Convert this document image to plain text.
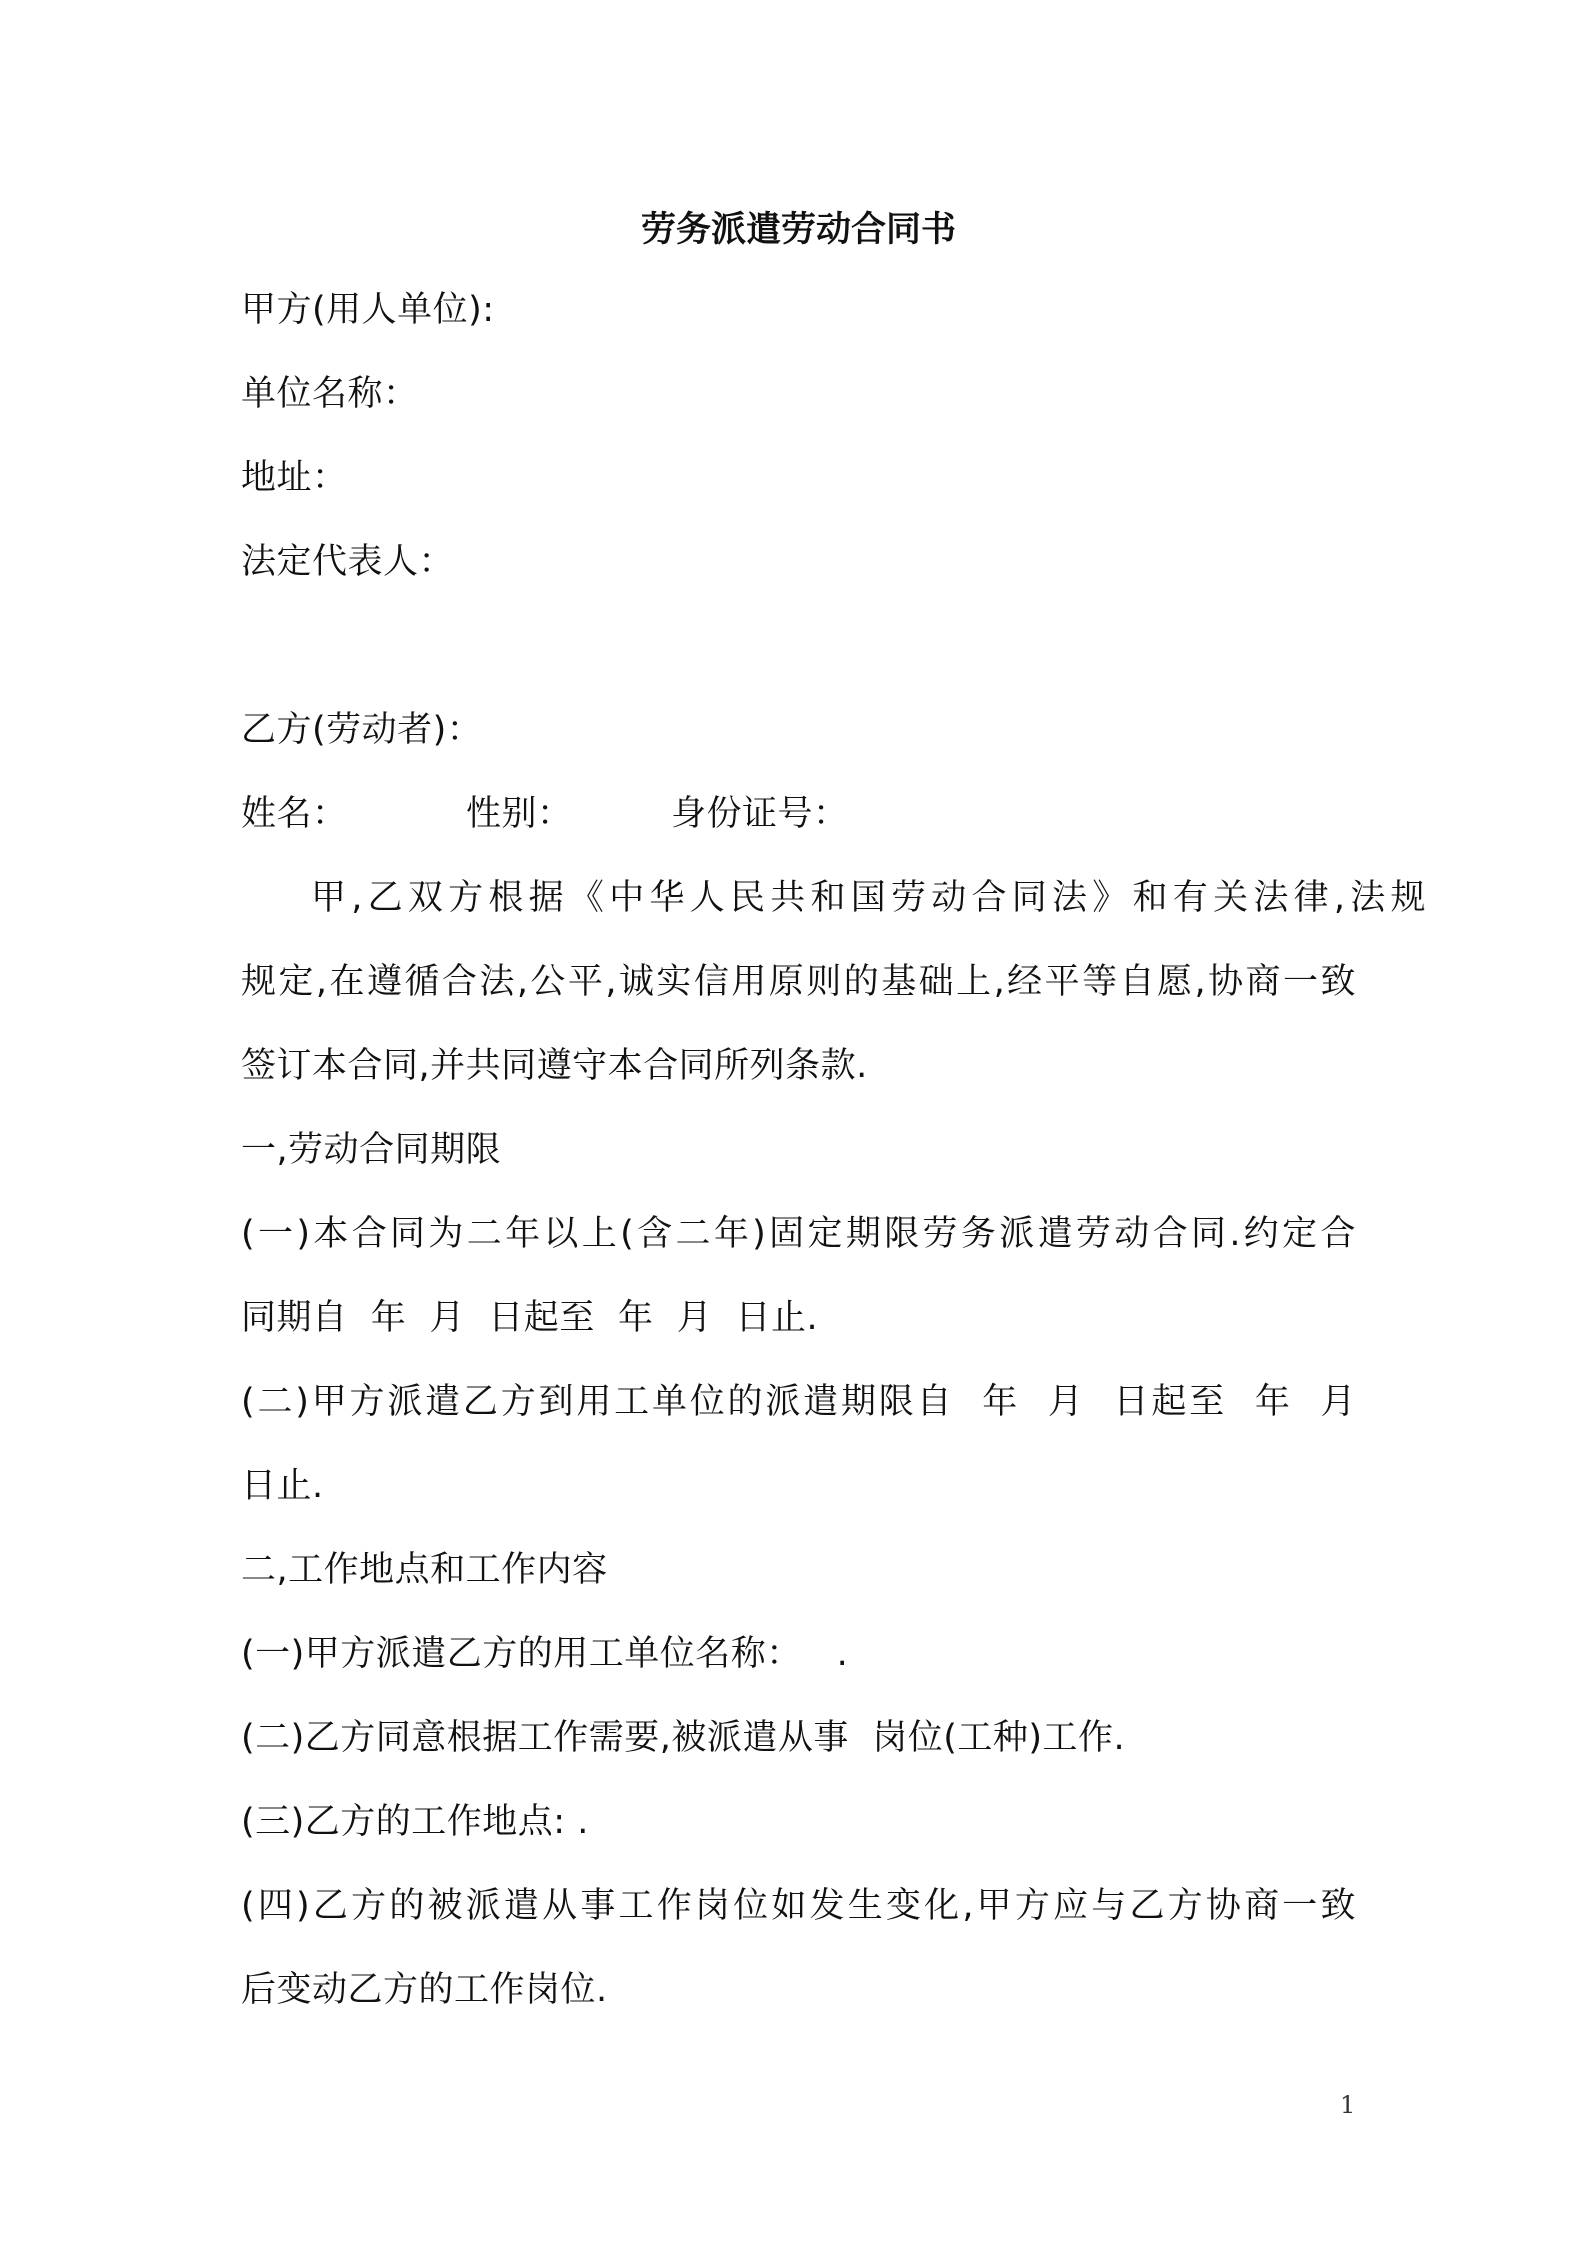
劳务派遣劳动合同书
甲方(用人单位):
单位名称：
地址：
法定代表人：
乙方(劳动者)：
姓名：	性别：	身份证号：
甲,乙双方根据《中华人民共和国劳动合同法》和有关法律,法规
规定,在遵循合法,公平,诚实信用原则的基础上,经平等自愿,协商一致
签订本合同,并共同遵守本合同所列条款.
一,劳动合同期限
(一)本合同为二年以上(含二年)固定期限劳务派遣劳动合同.约定合
同期自  年  月  日起至  年  月  日止.
(二)甲方派遣乙方到用工单位的派遣期限自  年  月  日起至  年  月
日止.
二,工作地点和工作内容
(一)甲方派遣乙方的用工单位名称：   .
(二)乙方同意根据工作需要,被派遣从事  岗位(工种)工作.
(三)乙方的工作地点: .
(四)乙方的被派遣从事工作岗位如发生变化,甲方应与乙方协商一致
后变动乙方的工作岗位.
1
